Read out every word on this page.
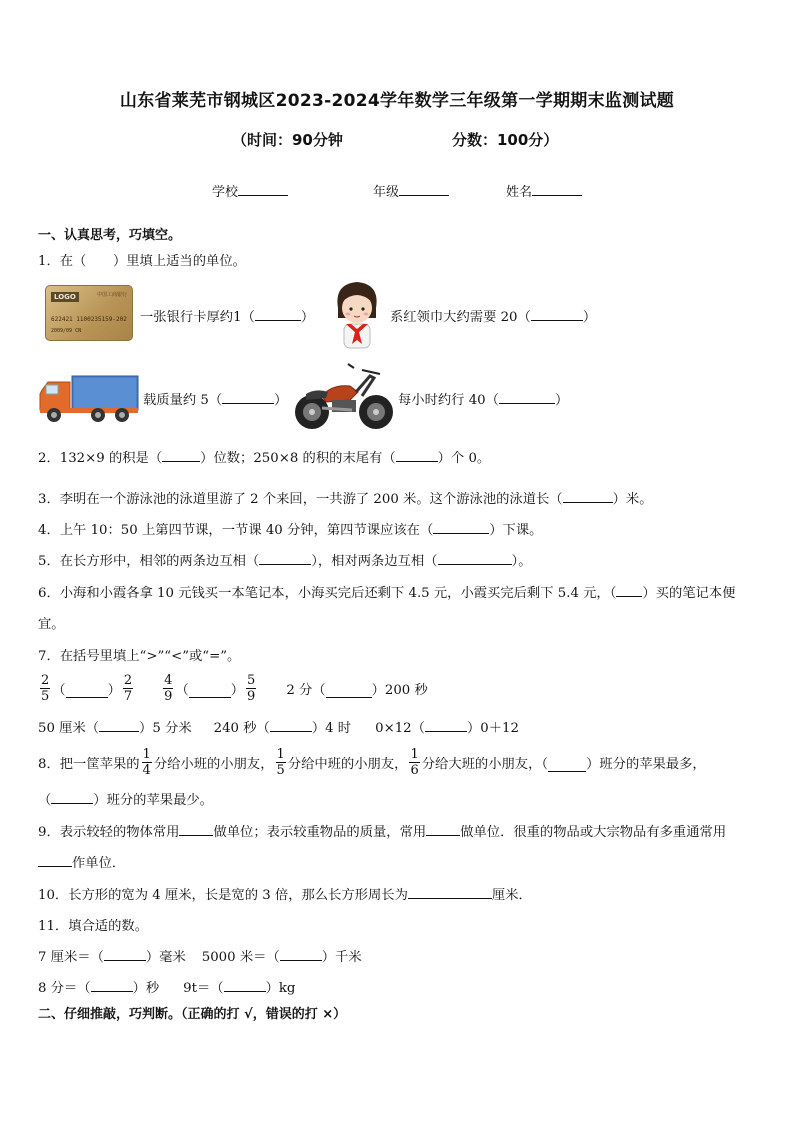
山东省莱芜市钢城区2023-2024学年数学三年级第一学期期末监测试题
（时间：90分钟	分数：100分）
学校	年级	姓名
一、认真思考，巧填空。
1．在（　　）里填上适当的单位。
LOGO	中国工商银行
622421 1100235159-202
2009/09 CN
一张银行卡厚约1（	）	系红领巾大约需要 20（	）
载质量约 5（	）	每小时约行 40（	）
2．132×9 的积是（	）位数；250×8 的积的末尾有（	）个 0。
3．李明在一个游泳池的泳道里游了 2 个来回，一共游了 200 米。这个游泳池的泳道长（	）米。
4．上午 10：50 上第四节课，一节课 40 分钟，第四节课应该在（	）下课。
5．在长方形中，相邻的两条边互相（	），相对两条边互相（	）。
6．小海和小霞各拿 10 元钱买一本笔记本，小海买完后还剩下 4.5 元，小霞买完后剩下 5.4 元，（ ）买的笔记本便
宜。
7．在括号里填上“>”“<”或“=”。
$\frac{2}{5}$ （	） $\frac{2}{7} \frac{4}{9}$ （	） $\frac{5}{9} 2$ 分（	）200 秒
50 厘米（	）5 分米 240 秒（	）4 时 0×12（	）0＋12
8．把一筐苹果的 $\frac{1}{4}$ 分给小班的小朋友， $\frac{1}{5}$ 分给中班的小朋友， $\frac{1}{6}$ 分给大班的小朋友，（	）班分的苹果最多，
（	）班分的苹果最少。
9．表示较轻的物体常用	做单位；表示较重物品的质量，常用	做单位．很重的物品或大宗物品有多重通常用
作单位．
10．长方形的宽为 4 厘米，长是宽的 3 倍，那么长方形周长为	厘米．
11．填合适的数。
7 厘米＝（	）毫米 5000 米＝（	）千米
8 分＝（	）秒 9t＝（	）kg
二、仔细推敲，巧判断。（正确的打 √，错误的打 ×）
